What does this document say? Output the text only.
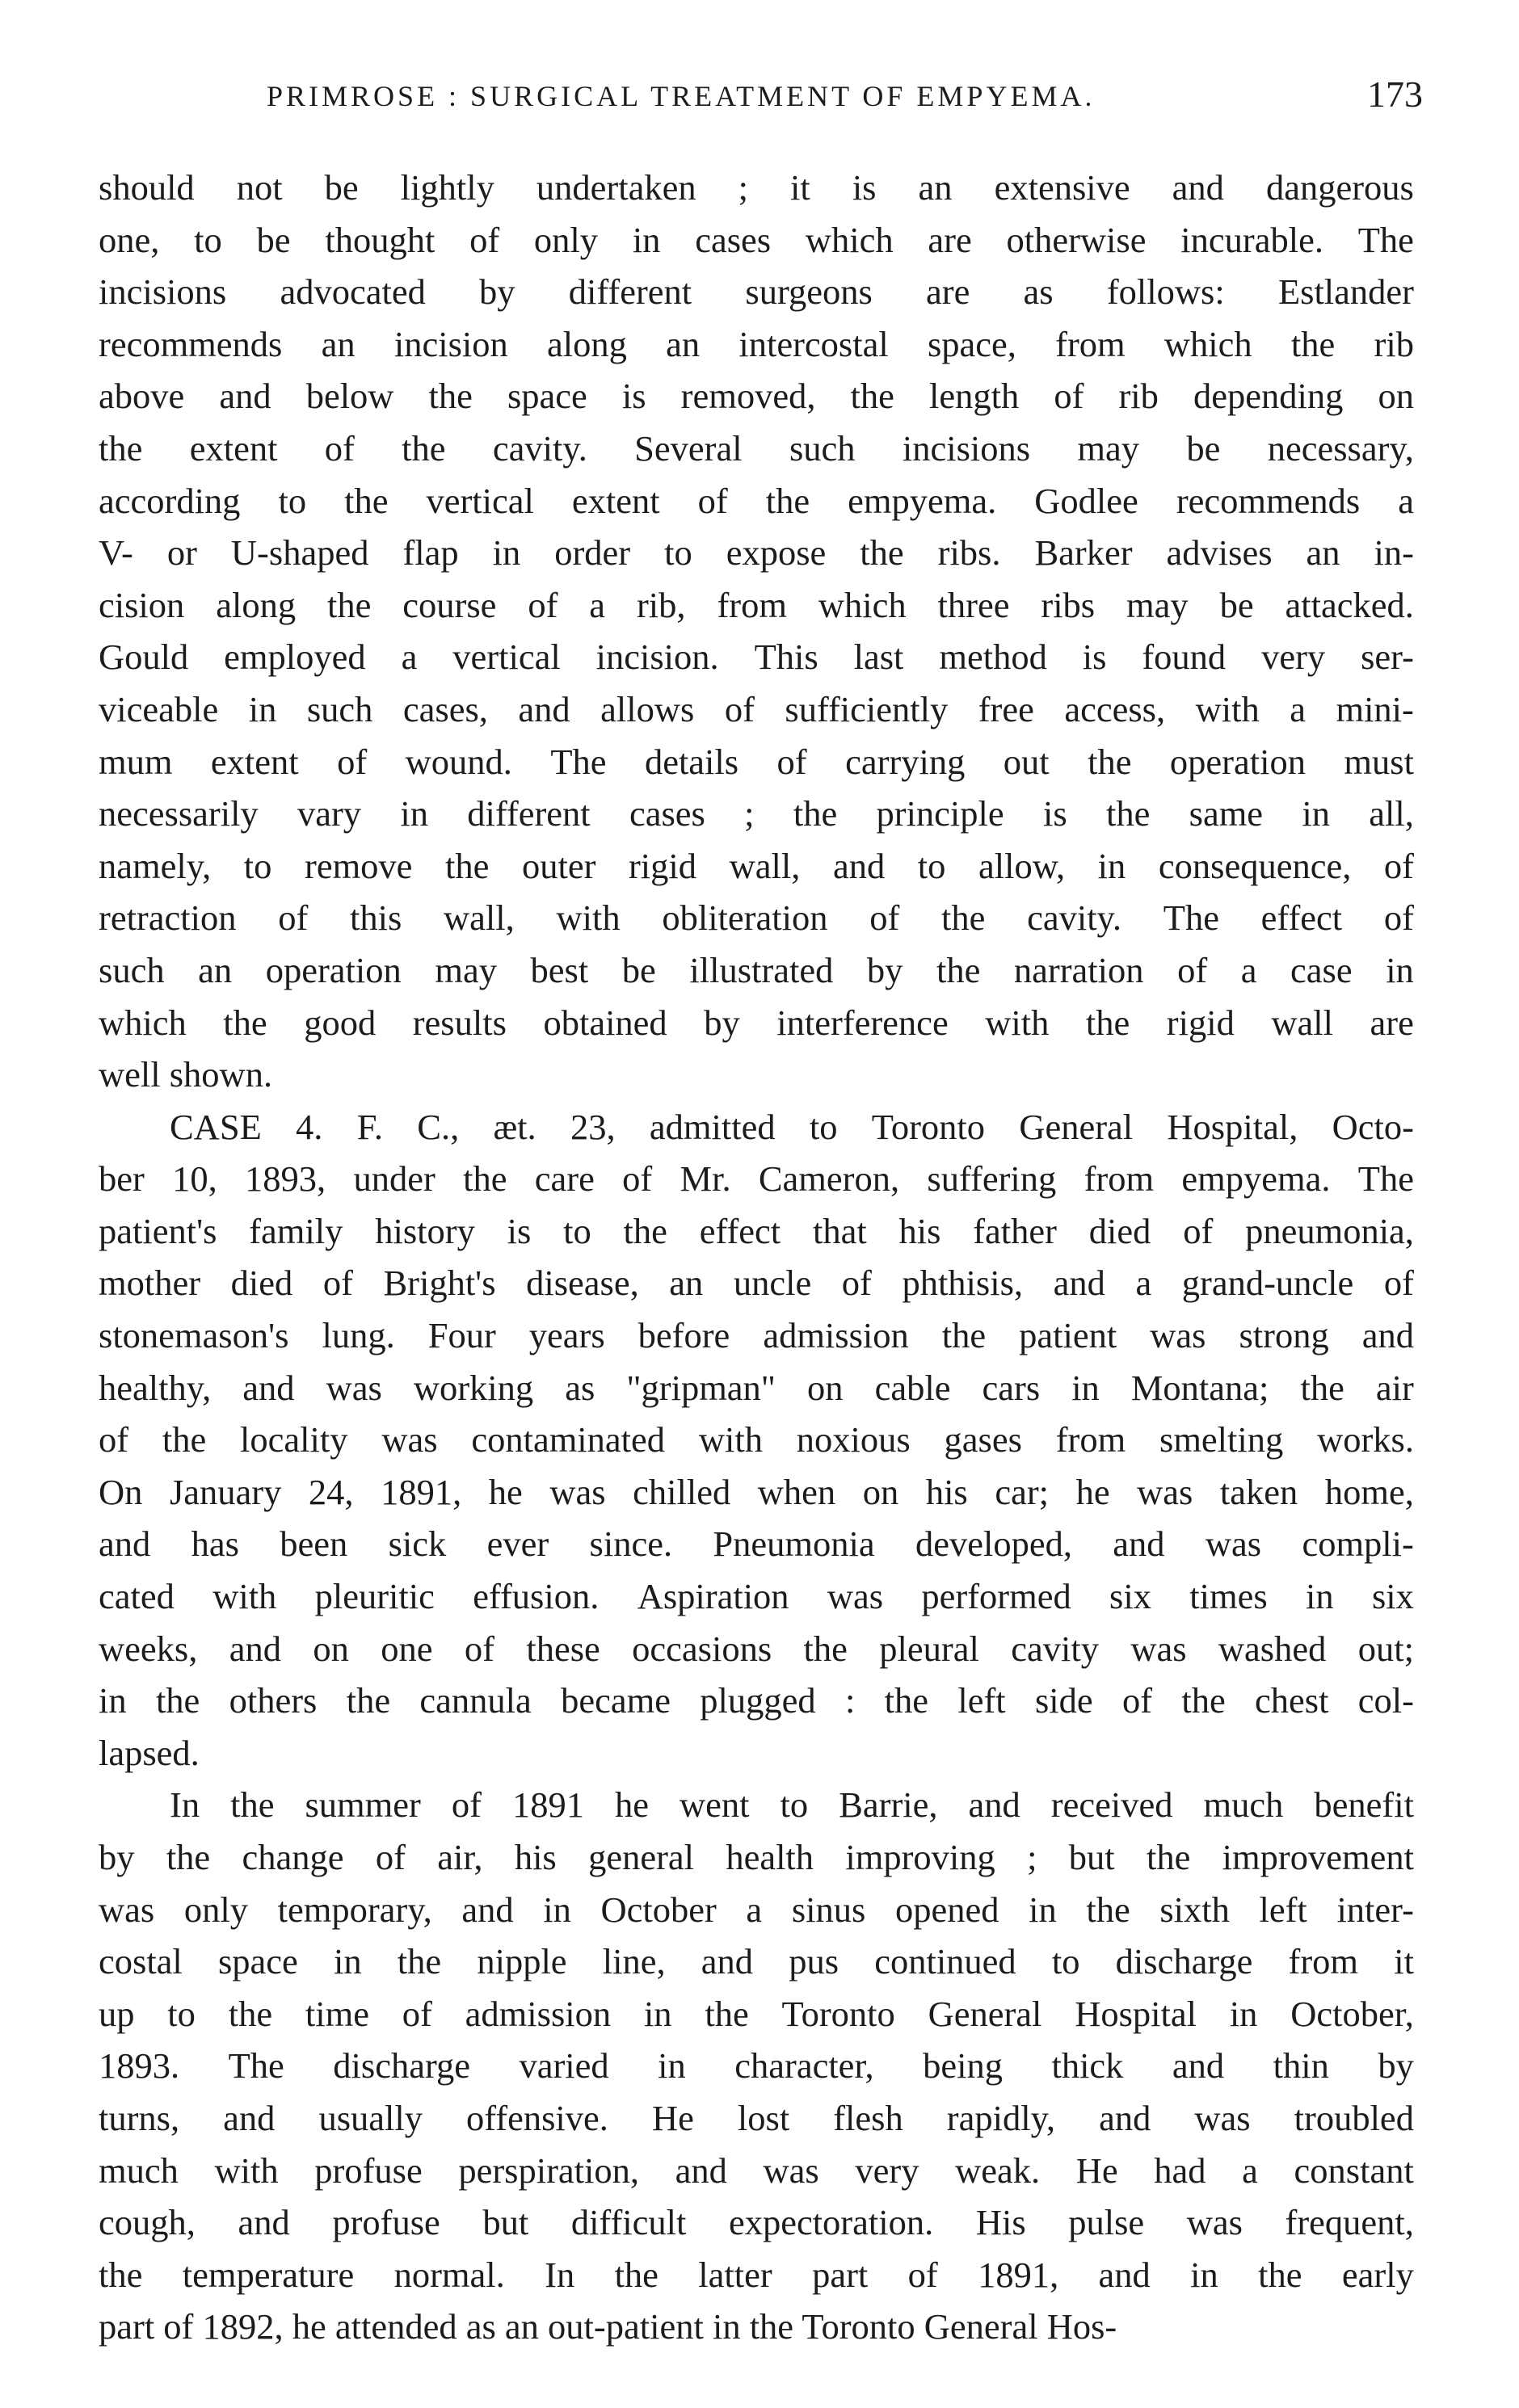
PRIMROSE : SURGICAL TREATMENT OF EMPYEMA.	173
should not be lightly undertaken ; it is an extensive and dangerous
one, to be thought of only in cases which are otherwise incurable. The
incisions advocated by different surgeons are as follows: Estlander
recommends an incision along an intercostal space, from which the rib
above and below the space is removed, the length of rib depending on
the extent of the cavity. Several such incisions may be necessary,
according to the vertical extent of the empyema. Godlee recommends a
V- or U-shaped flap in order to expose the ribs. Barker advises an in-
cision along the course of a rib, from which three ribs may be attacked.
Gould employed a vertical incision. This last method is found very ser-
viceable in such cases, and allows of sufficiently free access, with a mini-
mum extent of wound. The details of carrying out the operation must
necessarily vary in different cases ; the principle is the same in all,
namely, to remove the outer rigid wall, and to allow, in consequence, of
retraction of this wall, with obliteration of the cavity. The effect of
such an operation may best be illustrated by the narration of a case in
which the good results obtained by interference with the rigid wall are
well shown.
CASE 4. F. C., æt. 23, admitted to Toronto General Hospital, Octo-
ber 10, 1893, under the care of Mr. Cameron, suffering from empyema. The
patient's family history is to the effect that his father died of pneumonia,
mother died of Bright's disease, an uncle of phthisis, and a grand-uncle of
stonemason's lung. Four years before admission the patient was strong and
healthy, and was working as "gripman" on cable cars in Montana; the air
of the locality was contaminated with noxious gases from smelting works.
On January 24, 1891, he was chilled when on his car; he was taken home,
and has been sick ever since. Pneumonia developed, and was compli-
cated with pleuritic effusion. Aspiration was performed six times in six
weeks, and on one of these occasions the pleural cavity was washed out;
in the others the cannula became plugged : the left side of the chest col-
lapsed.
In the summer of 1891 he went to Barrie, and received much benefit
by the change of air, his general health improving ; but the improvement
was only temporary, and in October a sinus opened in the sixth left inter-
costal space in the nipple line, and pus continued to discharge from it
up to the time of admission in the Toronto General Hospital in October,
1893. The discharge varied in character, being thick and thin by
turns, and usually offensive. He lost flesh rapidly, and was troubled
much with profuse perspiration, and was very weak. He had a constant
cough, and profuse but difficult expectoration. His pulse was frequent,
the temperature normal. In the latter part of 1891, and in the early
part of 1892, he attended as an out-patient in the Toronto General Hos-
